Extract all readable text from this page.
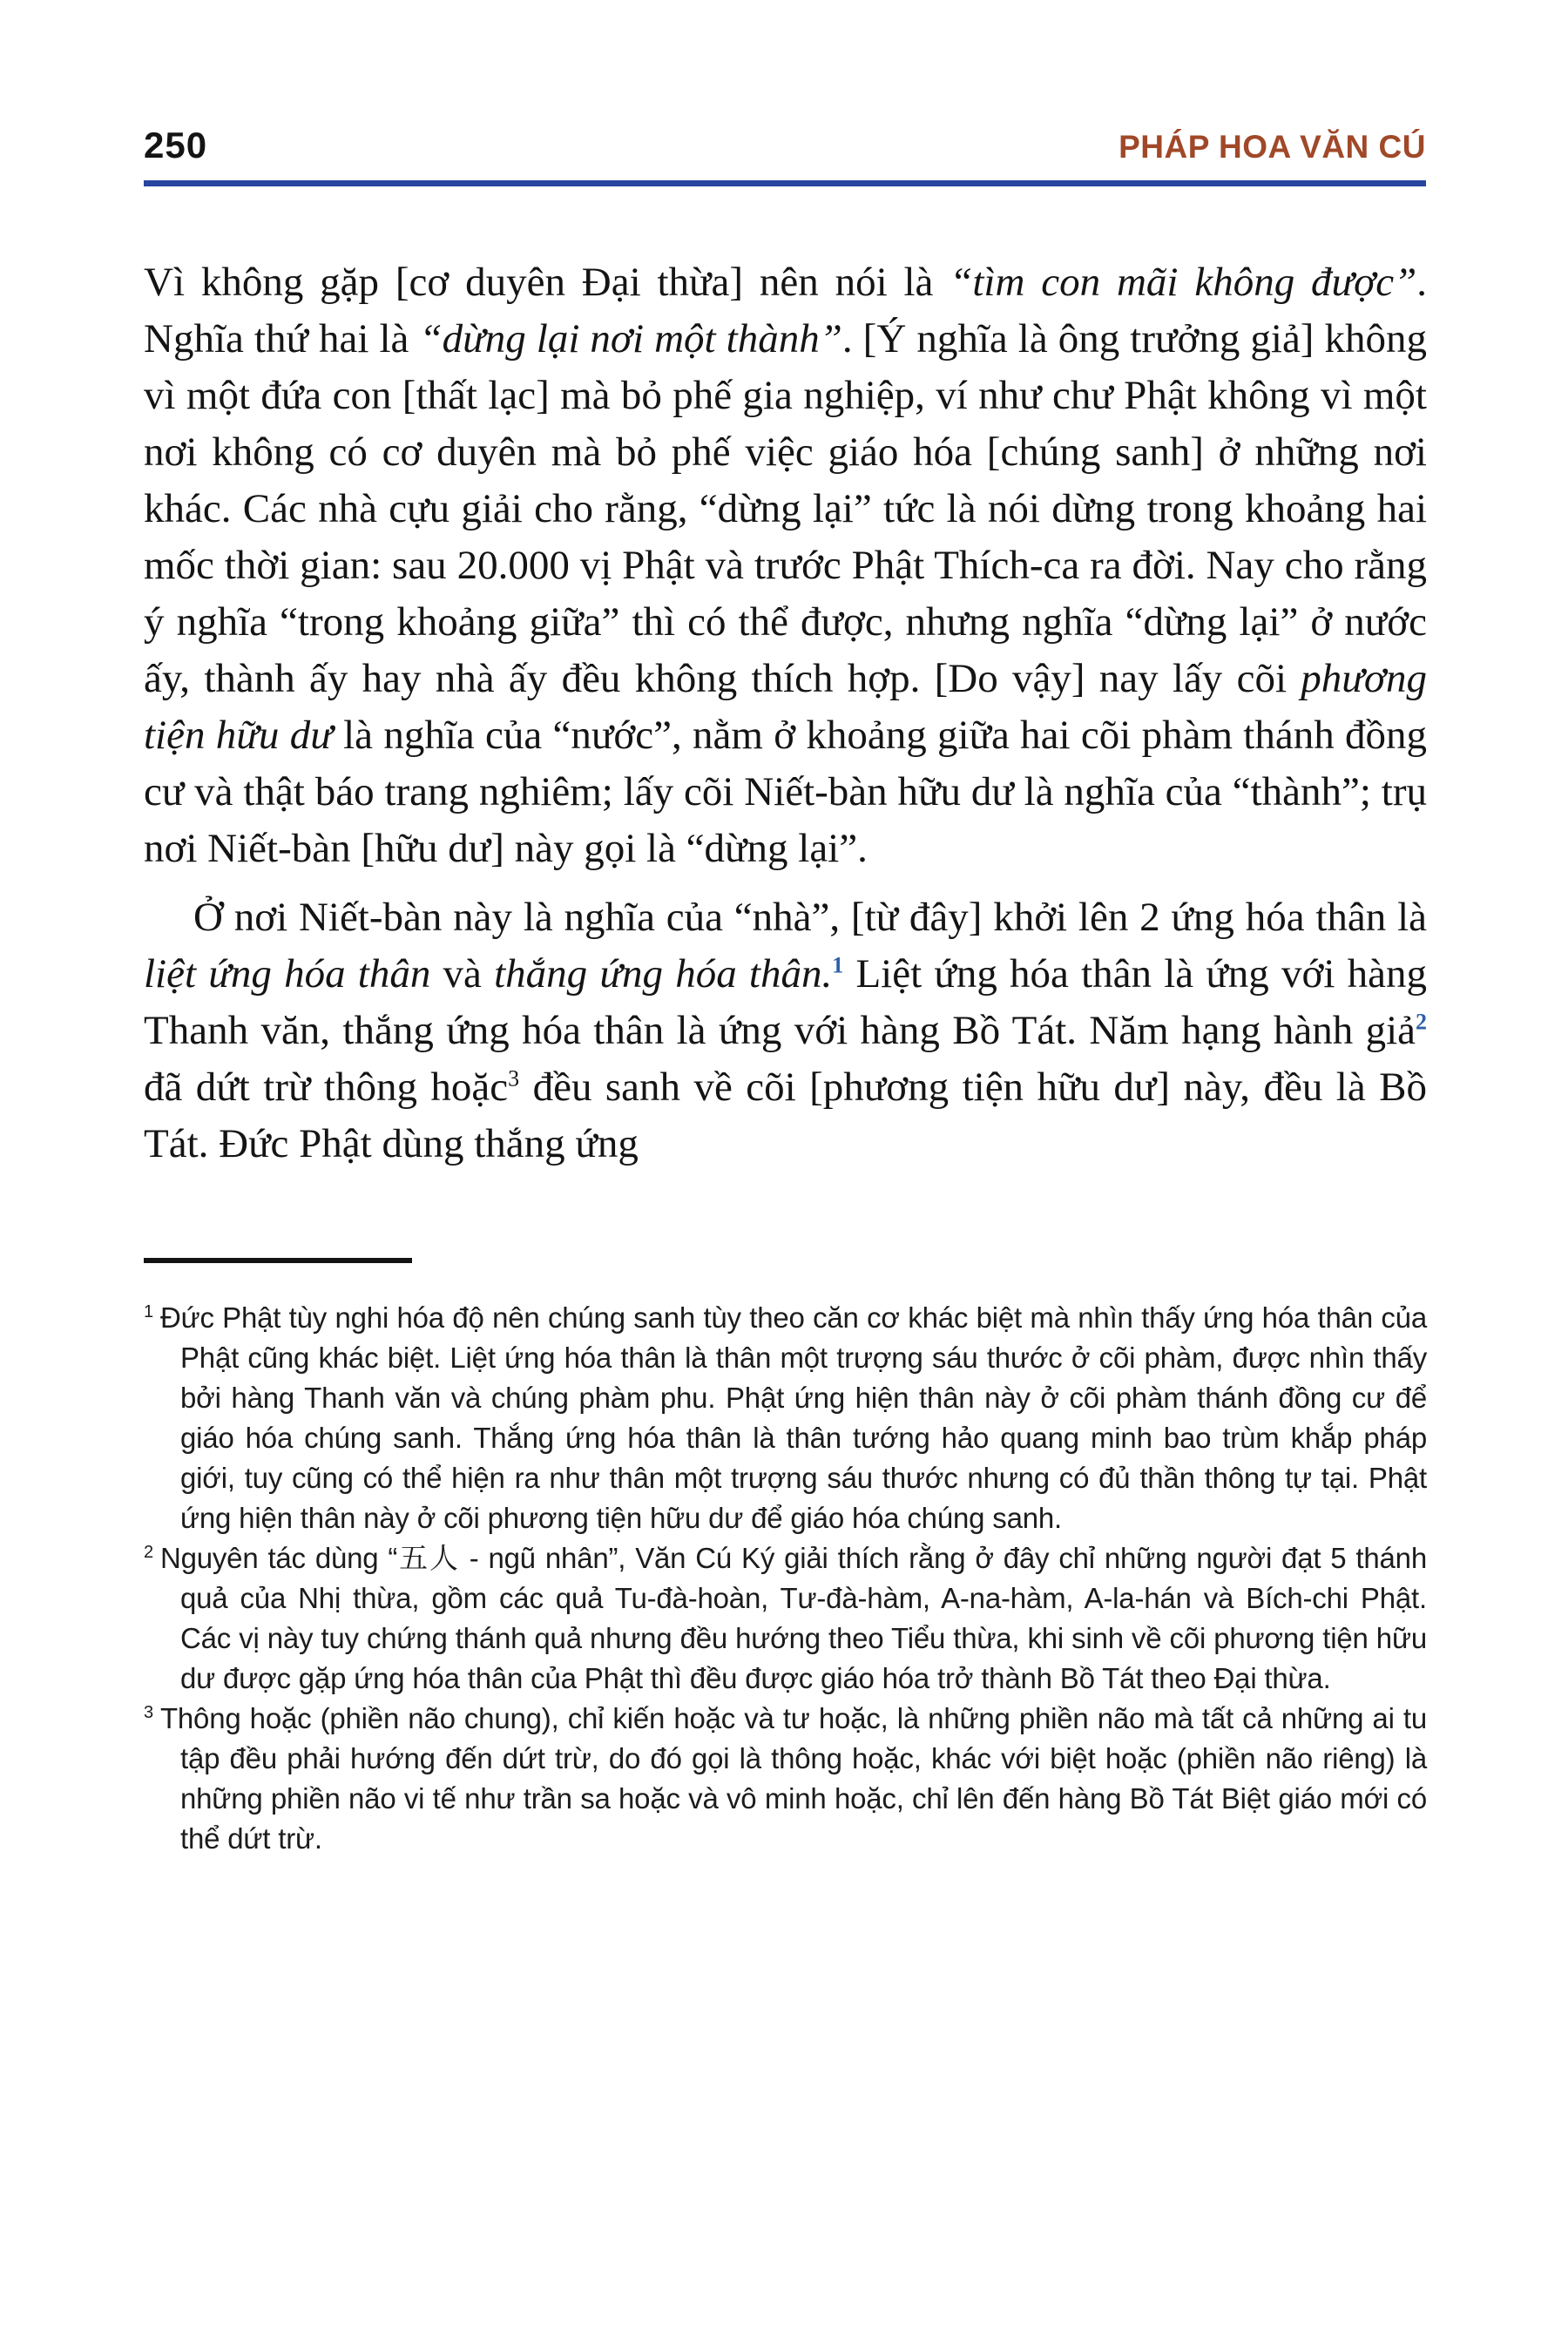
250	PHÁP HOA VĂN CÚ

Vì không gặp [cơ duyên Đại thừa] nên nói là “tìm con mãi không được”. Nghĩa thứ hai là “dừng lại nơi một thành”. [Ý nghĩa là ông trưởng giả] không vì một đứa con [thất lạc] mà bỏ phế gia nghiệp, ví như chư Phật không vì một nơi không có cơ duyên mà bỏ phế việc giáo hóa [chúng sanh] ở những nơi khác. Các nhà cựu giải cho rằng, “dừng lại” tức là nói dừng trong khoảng hai mốc thời gian: sau 20.000 vị Phật và trước Phật Thích-ca ra đời. Nay cho rằng ý nghĩa “trong khoảng giữa” thì có thể được, nhưng nghĩa “dừng lại” ở nước ấy, thành ấy hay nhà ấy đều không thích hợp. [Do vậy] nay lấy cõi phương tiện hữu dư là nghĩa của “nước”, nằm ở khoảng giữa hai cõi phàm thánh đồng cư và thật báo trang nghiêm; lấy cõi Niết-bàn hữu dư là nghĩa của “thành”; trụ nơi Niết-bàn [hữu dư] này gọi là “dừng lại”.

Ở nơi Niết-bàn này là nghĩa của “nhà”, [từ đây] khởi lên 2 ứng hóa thân là liệt ứng hóa thân và thắng ứng hóa thân.$^1$ Liệt ứng hóa thân là ứng với hàng Thanh văn, thắng ứng hóa thân là ứng với hàng Bồ Tát. Năm hạng hành giả$^2$ đã dứt trừ thông hoặc$^3$ đều sanh về cõi [phương tiện hữu dư] này, đều là Bồ Tát. Đức Phật dùng thắng ứng

$^1$ Đức Phật tùy nghi hóa độ nên chúng sanh tùy theo căn cơ khác biệt mà nhìn thấy ứng hóa thân của Phật cũng khác biệt. Liệt ứng hóa thân là thân một trượng sáu thước ở cõi phàm, được nhìn thấy bởi hàng Thanh văn và chúng phàm phu. Phật ứng hiện thân này ở cõi phàm thánh đồng cư để giáo hóa chúng sanh. Thắng ứng hóa thân là thân tướng hảo quang minh bao trùm khắp pháp giới, tuy cũng có thể hiện ra như thân một trượng sáu thước nhưng có đủ thần thông tự tại. Phật ứng hiện thân này ở cõi phương tiện hữu dư để giáo hóa chúng sanh.

$^2$ Nguyên tác dùng “五人 - ngũ nhân”, Văn Cú Ký giải thích rằng ở đây chỉ những người đạt 5 thánh quả của Nhị thừa, gồm các quả Tu-đà-hoàn, Tư-đà-hàm, A-na-hàm, A-la-hán và Bích-chi Phật. Các vị này tuy chứng thánh quả nhưng đều hướng theo Tiểu thừa, khi sinh về cõi phương tiện hữu dư được gặp ứng hóa thân của Phật thì đều được giáo hóa trở thành Bồ Tát theo Đại thừa.

$^3$ Thông hoặc (phiền não chung), chỉ kiến hoặc và tư hoặc, là những phiền não mà tất cả những ai tu tập đều phải hướng đến dứt trừ, do đó gọi là thông hoặc, khác với biệt hoặc (phiền não riêng) là những phiền não vi tế như trần sa hoặc và vô minh hoặc, chỉ lên đến hàng Bồ Tát Biệt giáo mới có thể dứt trừ.
